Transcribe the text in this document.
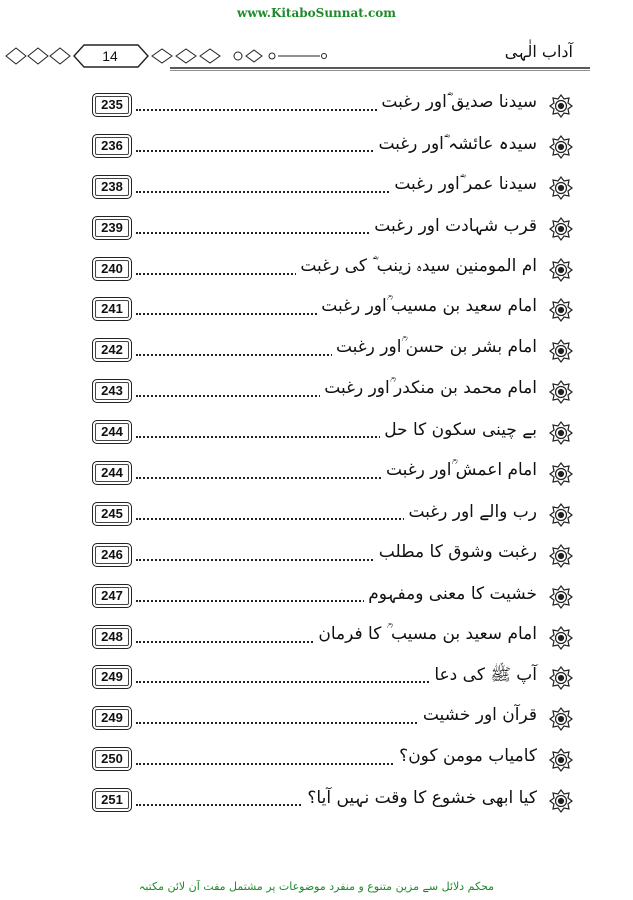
www.KitaboSunnat.com
14	آداب الٰہی
سیدنا صدیق ؓاور رغبت
235
سیدہ عائشہ ؓاور رغبت
236
سیدنا عمر ؓاور رغبت
238
قرب شہادت اور رغبت
239
ام المومنین سیدہ زینب ؓ کی رغبت
240
امام سعید بن مسیب ؒاور رغبت
241
امام بشر بن حسن ؒاور رغبت
242
امام محمد بن منکدر ؒاور رغبت
243
بے چینی سکون کا حل
244
امام اعمش ؒاور رغبت
244
رب والے اور رغبت
245
رغبت وشوق کا مطلب
246
خشیت کا معنی ومفہوم
247
امام سعید بن مسیب ؒ کا فرمان
248
آپ ﷺ کی دعا
249
قرآن اور خشیت
249
کامیاب مومن کون؟
250
کیا ابھی خشوع کا وقت نہیں آیا؟
251
محکم دلائل سے مزین متنوع و منفرد موضوعات پر مشتمل مفت آن لائن مکتبہ
